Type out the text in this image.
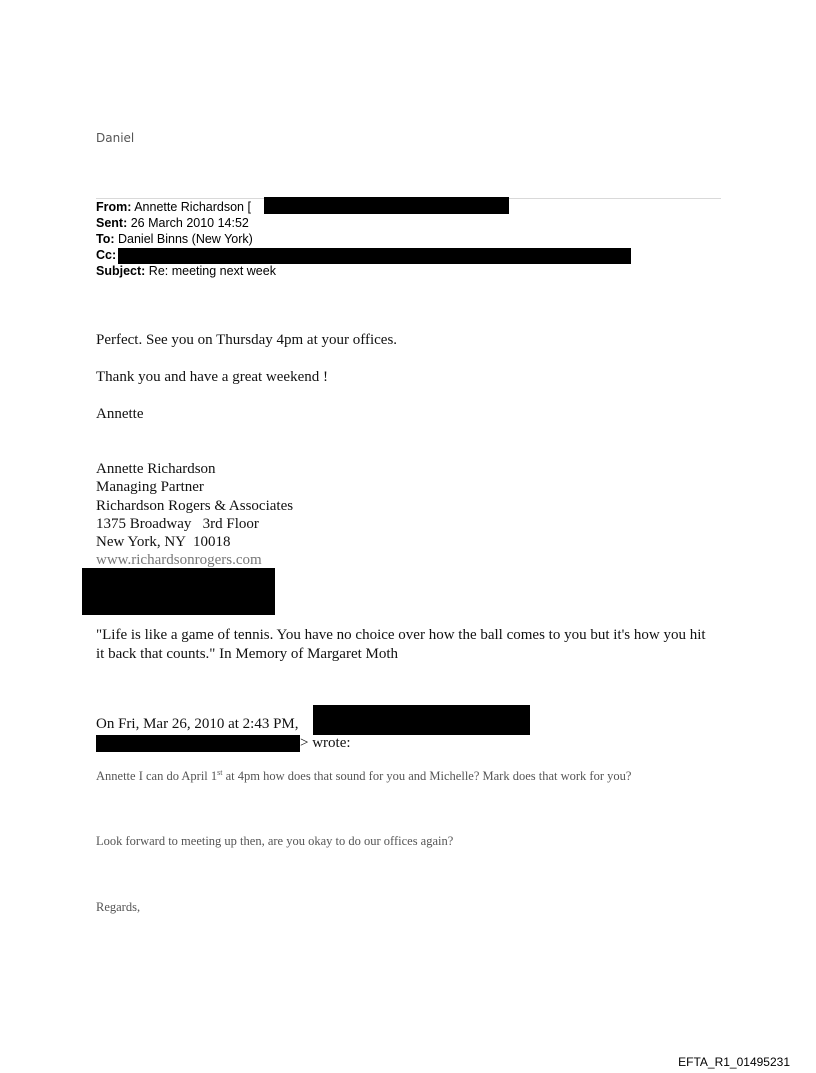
Daniel
From: Annette Richardson [
Sent: 26 March 2010 14:52
To: Daniel Binns (New York)
Cc:
Subject: Re: meeting next week
Perfect. See you on Thursday 4pm at your offices.
Thank you and have a great weekend !
Annette
Annette Richardson
Managing Partner
Richardson Rogers & Associates
1375 Broadway   3rd Floor
New York, NY  10018
www.richardsonrogers.com
"Life is like a game of tennis. You have no choice over how the ball comes to you but it's how you hit it back that counts." In Memory of Margaret Moth
On Fri, Mar 26, 2010 at 2:43 PM,
> wrote:
Annette I can do April 1st at 4pm how does that sound for you and Michelle? Mark does that work for you?
Look forward to meeting up then, are you okay to do our offices again?
Regards,
EFTA_R1_01495231
